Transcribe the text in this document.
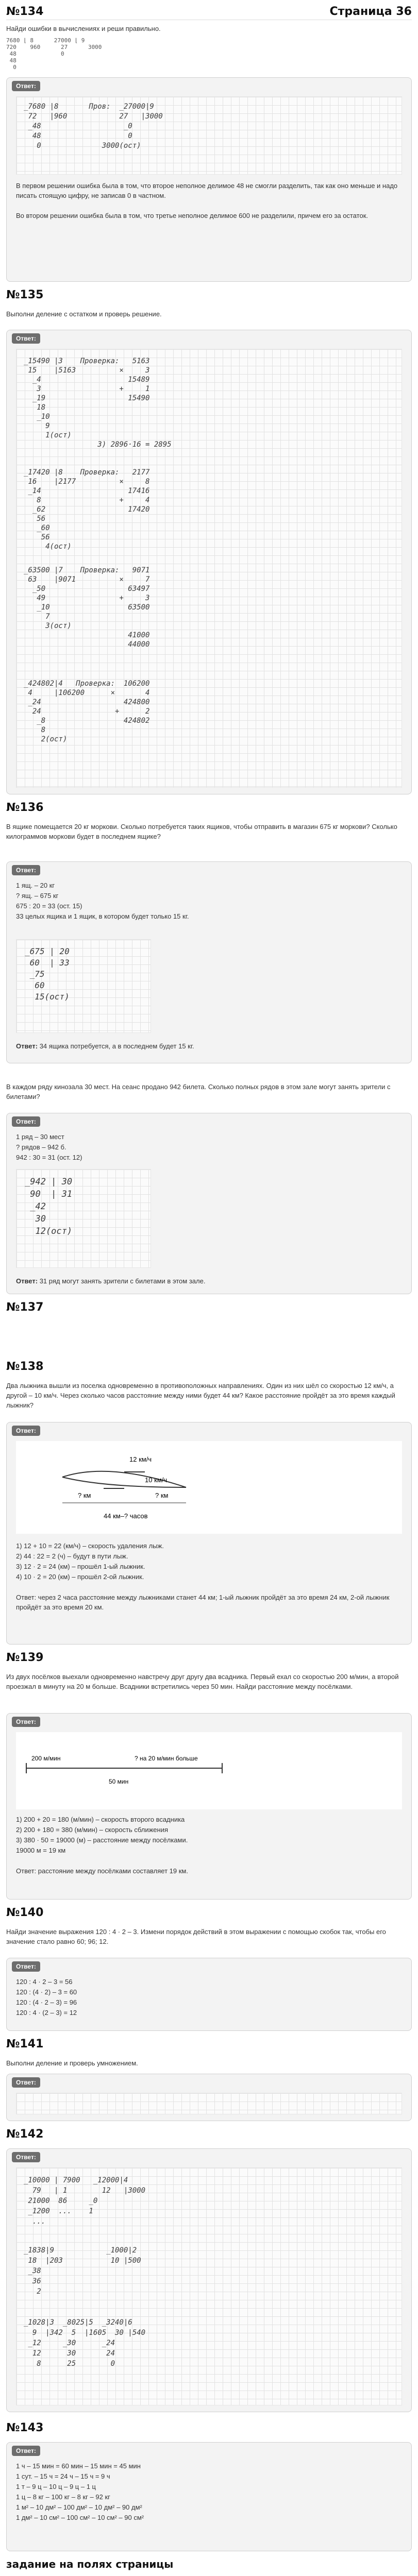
№134	Страница 36
Найди ошибки в вычислениях и реши правильно.
7680 ⌊ 8      27000 ⌊ 9
720    960      27      3000
48             0
48
0
Ответ:
_7680 |8       Пров:  _27000|9
72   |960            27   |3000
_48                   _0
48                    0
0              3000(ост)
В первом решении ошибка была в том, что второе неполное делимое 48 не смогли разделить, так как оно меньше и надо писать стоящую цифру, не записав 0 в частном.
Во втором решении ошибка была в том, что третье неполное делимое 600 не разделили, причем его за остаток.
№135
Выполни деление с остатком и проверь решение.
Ответ:
_15490 |3    Проверка:   5163
15    |5163          ×     3
_4                    15489
3                  +     1
_19                   15490
18
_10
9
1(ост)
3) 2896·16 = 2895
_17420 |8    Проверка:   2177
16    |2177          ×     8
_14                    17416
8                  +     4
_62                   17420
56
_60
56
4(ост)
_63500 |7    Проверка:   9071
63    |9071          ×     7
_50                   63497
49                 +     3
_10                  63500
7
3(ост)
41000
44000
_424802|4   Проверка:  106200
4     |106200      ×       4
_24                   424800
24                 +      2
_8                  424802
8
2(ост)
№136
В ящике помещается 20 кг моркови. Сколько потребуется таких ящиков, чтобы отправить в магазин 675 кг моркови? Сколько килограммов моркови будет в последнем ящике?
Ответ:

1 ящ. – 20 кг

? ящ. – 675 кг

675 : 20 = 33 (ост. 15)

33 целых ящика и 1 ящик, в котором будет только 15 кг.

_675 | 20
60  | 33
_75
60
15(ост)
Ответ: 34 ящика потребуется, а в последнем будет 15 кг.
В каждом ряду кинозала 30 мест. На сеанс продано 942 билета. Сколько полных рядов в этом зале могут занять зрители с билетами?
Ответ:

1 ряд – 30 мест

? рядов – 942 б.

942 : 30 = 31 (ост. 12)

_942 | 30
90  | 31
_42
30
12(ост)
Ответ: 31 ряд могут занять зрители с билетами в этом зале.
№137
№138
Два лыжника вышли из поселка одновременно в противоположных направлениях. Один из них шёл со скоростью 12 км/ч, а другой – 10 км/ч. Через сколько часов расстояние между ними будет 44 км? Какое расстояние пройдёт за это время каждый лыжник?
Ответ:
12 км/ч
10 км/ч
? км	? км
44 км–? часов

1) 12 + 10 = 22 (км/ч) – скорость удаления лыж.

2) 44 : 22 = 2 (ч) – будут в пути лыж.

3) 12 · 2 = 24 (км) – прошёл 1-ый лыжник.

4) 10 · 2 = 20 (км) – прошёл 2-ой лыжник.

Ответ: через 2 часа расстояние между лыжниками станет 44 км; 1-ый лыжник пройдёт за это время 24 км, 2-ой лыжник пройдёт за это время 20 км.
№139
Из двух посёлков выехали одновременно навстречу друг другу два всадника. Первый ехал со скоростью 200 м/мин, а второй проезжал в минуту на 20 м больше. Всадники встретились через 50 мин. Найди расстояние между посёлками.
Ответ:
200 м/мин	? на 20 м/мин больше
50 мин

1) 200 + 20 = 180 (м/мин) – скорость второго всадника

2) 200 + 180 = 380 (м/мин) – скорость сближения

3) 380 · 50 = 19000 (м) – расстояние между посёлками.

19000 м = 19 км

Ответ: расстояние между посёлками составляет 19 км.
№140
Найди значение выражения 120 : 4 · 2 – 3. Измени порядок действий в этом выражении с помощью скобок так, чтобы его значение стало равно 60; 96; 12.
Ответ:

120 : 4 · 2 – 3 = 56

120 : (4 · 2) – 3 = 60

120 : (4 · 2 – 3) = 96

120 : 4 · (2 – 3) = 12

№141
Выполни деление и проверь умножением.
Ответ:
№142
Ответ:
_10000 | 7900   _12000|4
79   | 1        12   |3000
21000  86     _0
_1200  ...    1
...
_1838|9            _1000|2
18  |203           10 |500
_38
36
2
_1028|3  _8025|5  _3240|6
9  |342  5  |1605  30 |540
_12     _30      _24
12      30       24
8      25        0
№143
Ответ:

1 ч – 15 мин = 60 мин – 15 мин = 45 мин

1 сут. – 15 ч = 24 ч – 15 ч = 9 ч

1 т – 9 ц – 10 ц – 9 ц – 1 ц

1 ц – 8 кг – 100 кг – 8 кг – 92 кг

1 м² – 10 дм² – 100 дм² – 10 дм² – 90 дм²

1 дм² – 10 см² – 100 см² – 10 см² – 90 см²

задание на полях страницы
